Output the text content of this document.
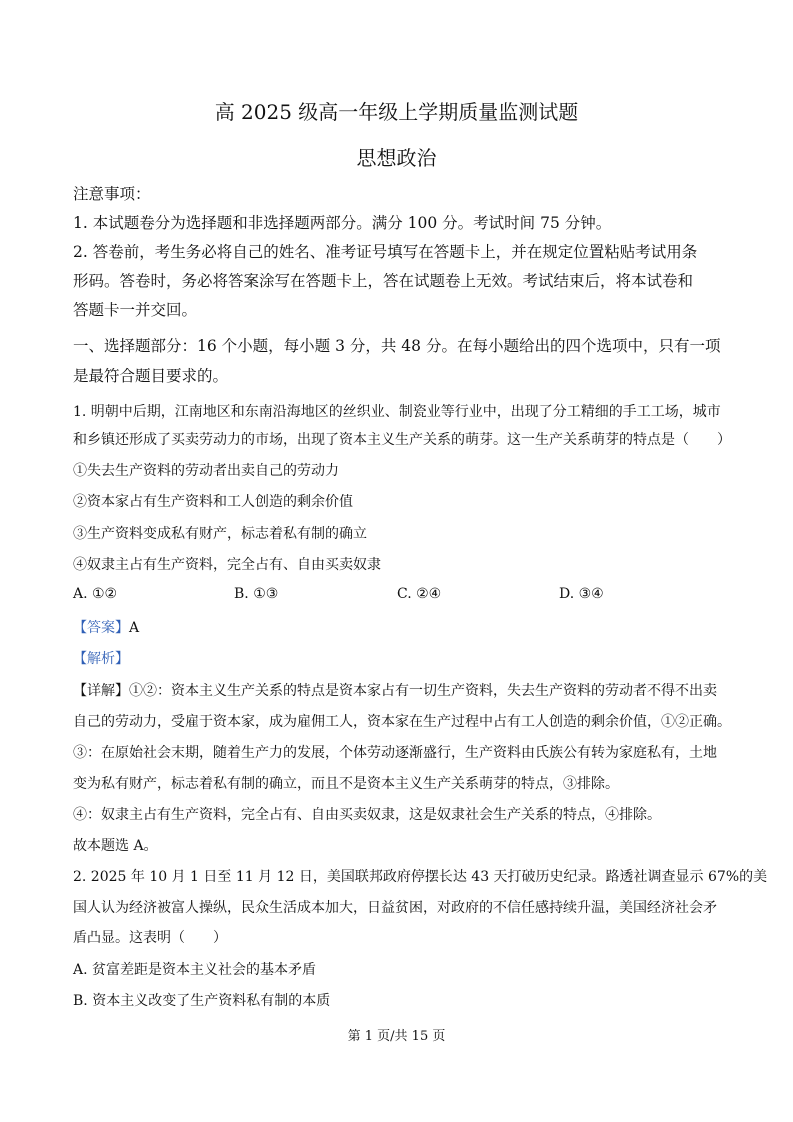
高 2025 级高一年级上学期质量监测试题
思想政治
注意事项：
1. 本试题卷分为选择题和非选择题两部分。满分 100 分。考试时间 75 分钟。
2. 答卷前，考生务必将自己的姓名、准考证号填写在答题卡上，并在规定位置粘贴考试用条
形码。答卷时，务必将答案涂写在答题卡上，答在试题卷上无效。考试结束后，将本试卷和
答题卡一并交回。
一、选择题部分：16 个小题，每小题 3 分，共 48 分。在每小题给出的四个选项中，只有一项
是最符合题目要求的。
1. 明朝中后期，江南地区和东南沿海地区的丝织业、制瓷业等行业中，出现了分工精细的手工工场，城市
和乡镇还形成了买卖劳动力的市场，出现了资本主义生产关系的萌芽。这一生产关系萌芽的特点是（　　）
①失去生产资料的劳动者出卖自己的劳动力
②资本家占有生产资料和工人创造的剩余价值
③生产资料变成私有财产，标志着私有制的确立
④奴隶主占有生产资料，完全占有、自由买卖奴隶
A. ①②	B. ①③	C. ②④	D. ③④
【答案】A
【解析】
【详解】①②：资本主义生产关系的特点是资本家占有一切生产资料，失去生产资料的劳动者不得不出卖
自己的劳动力，受雇于资本家，成为雇佣工人，资本家在生产过程中占有工人创造的剩余价值，①②正确。
③：在原始社会末期，随着生产力的发展，个体劳动逐渐盛行，生产资料由氏族公有转为家庭私有，土地
变为私有财产，标志着私有制的确立，而且不是资本主义生产关系萌芽的特点，③排除。
④：奴隶主占有生产资料，完全占有、自由买卖奴隶，这是奴隶社会生产关系的特点，④排除。
故本题选 A。
2. 2025 年 10 月 1 日至 11 月 12 日，美国联邦政府停摆长达 43 天打破历史纪录。路透社调查显示 67%的美
国人认为经济被富人操纵，民众生活成本加大，日益贫困，对政府的不信任感持续升温，美国经济社会矛
盾凸显。这表明（　　）
A. 贫富差距是资本主义社会的基本矛盾
B. 资本主义改变了生产资料私有制的本质
第 1 页/共 15 页
